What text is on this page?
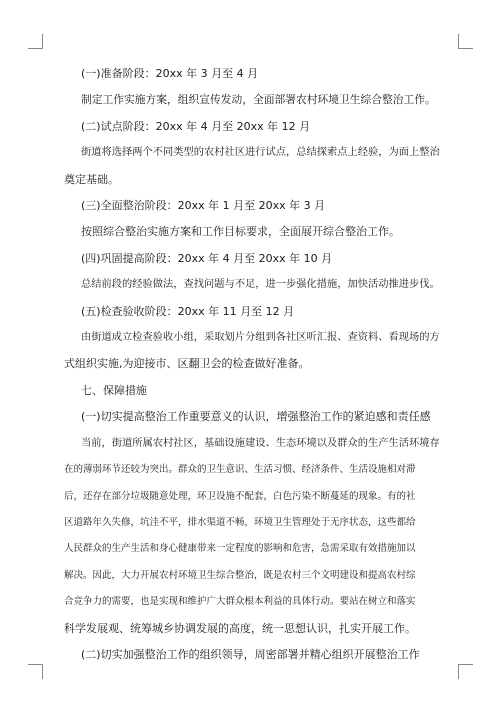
(一)准备阶段：20xx 年 3 月至 4 月
制定工作实施方案，组织宣传发动，全面部署农村环境卫生综合整治工作。
(二)试点阶段：20xx 年 4 月至 20xx 年 12 月
街道将选择两个不同类型的农村社区进行试点，总结探索点上经验，为面上整治
奠定基础。
(三)全面整治阶段：20xx 年 1 月至 20xx 年 3 月
按照综合整治实施方案和工作目标要求，全面展开综合整治工作。
(四)巩固提高阶段：20xx 年 4 月至 20xx 年 10 月
总结前段的经验做法，查找问题与不足，进一步强化措施，加快活动推进步伐。
(五)检查验收阶段：20xx 年 11 月至 12 月
由街道成立检查验收小组，采取划片分组到各社区听汇报、查资料、看现场的方
式组织实施,为迎接市、区翻卫会的检查做好准备。
七、保障措施
(一)切实提高整治工作重要意义的认识，增强整治工作的紧迫感和责任感
当前，街道所属农村社区，基础设施建设、生态环境以及群众的生产生活环境存
在的薄弱环节还较为突出。群众的卫生意识、生活习惯、经济条件、生活设施相对滞
后，还存在部分垃圾随意处理，环卫设施不配套，白色污染不断蔓延的现象。有的社
区道路年久失修，坑洼不平，排水渠道不畅，环境卫生管理处于无序状态，这些都给
人民群众的生产生活和身心健康带来一定程度的影响和危害，急需采取有效措施加以
解决。因此，大力开展农村环境卫生综合整治，既是农村三个文明建设和提高农村综
合竞争力的需要，也是实现和维护广大群众根本利益的具体行动。要站在树立和落实
科学发展观、统筹城乡协调发展的高度，统一思想认识，扎实开展工作。
(二)切实加强整治工作的组织领导，周密部署并精心组织开展整治工作
